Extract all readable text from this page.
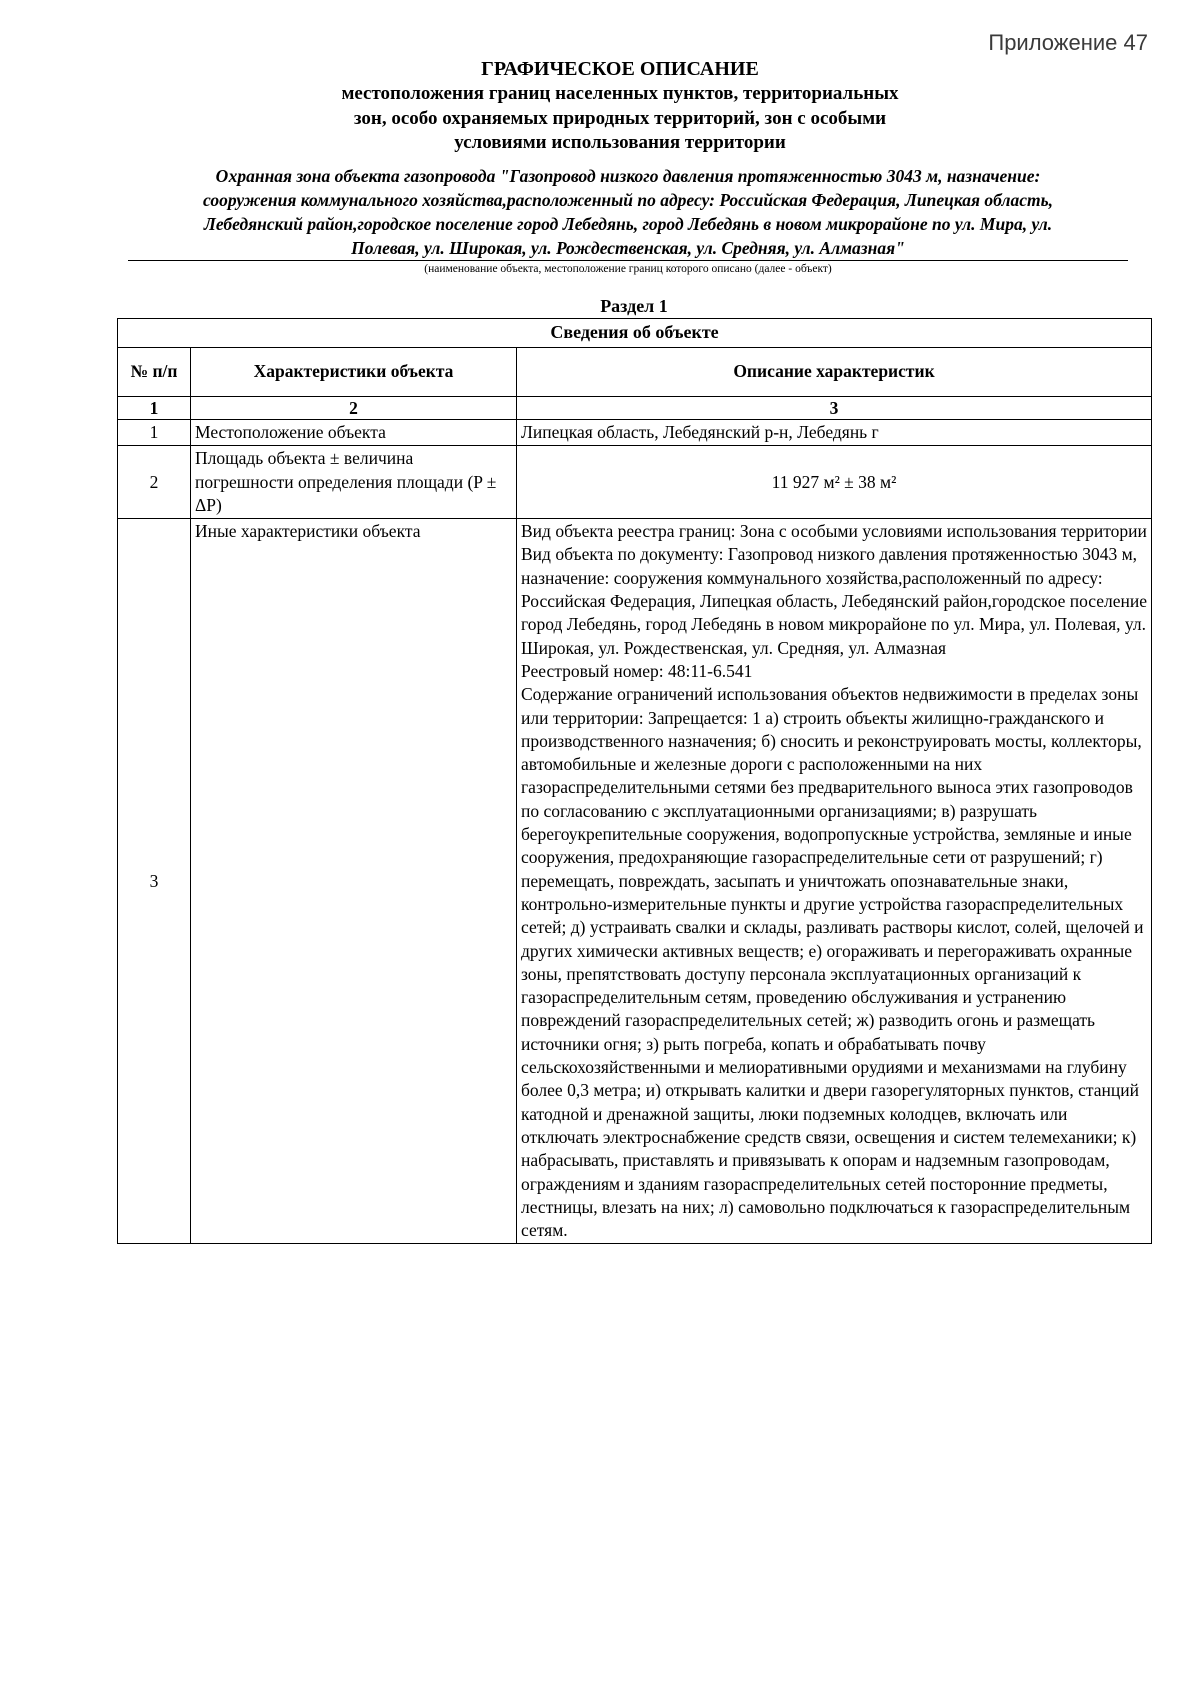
Приложение 47

ГРАФИЧЕСКОЕ ОПИСАНИЕ

местоположения границ населенных пунктов, территориальных

зон, особо охраняемых природных территорий, зон с особыми

условиями использования территории

Охранная зона объекта газопровода "Газопровод низкого давления протяженностью 3043 м, назначение:
сооружения коммунального хозяйства,расположенный по адресу: Российская Федерация, Липецкая область,
Лебедянский район,городское поселение город Лебедянь, город Лебедянь в новом микрорайоне по ул. Мира, ул.
Полевая, ул. Широкая, ул. Рождественская, ул. Средняя, ул. Алмазная"
(наименование объекта, местоположение границ которого описано (далее - объект)
Раздел 1
Сведения об объекте		
№ п/п	Характеристики объекта	Описание характеристик
1	2	3
1	Местоположение объекта	Липецкая область, Лебедянский р-н, Лебедянь г
2	Площадь объекта ± величина погрешности определения площади (P ± ΔP)	11 927 м² ± 38 м²
3	Иные характеристики объекта	Вид объекта реестра границ: Зона с особыми условиями использования территории
Вид объекта по документу: Газопровод низкого давления протяженностью 3043 м, назначение: сооружения коммунального хозяйства,расположенный по адресу: Российская Федерация, Липецкая область, Лебедянский район,городское поселение город Лебедянь, город Лебедянь в новом микрорайоне по ул. Мира, ул. Полевая, ул. Широкая, ул. Рождественская, ул. Средняя, ул. Алмазная
Реестровый номер: 48:11-6.541
Содержание ограничений использования объектов недвижимости в пределах зоны или территории: Запрещается: 1 а) строить объекты жилищно-гражданского и производственного назначения; б) сносить и реконструировать мосты, коллекторы, автомобильные и железные дороги с расположенными на них газораспределительными сетями без предварительного выноса этих газопроводов по согласованию с эксплуатационными организациями; в) разрушать берегоукрепительные сооружения, водопропускные устройства, земляные и иные сооружения, предохраняющие газораспределительные сети от разрушений; г) перемещать, повреждать, засыпать и уничтожать опознавательные знаки, контрольно-измерительные пункты и другие устройства газораспределительных сетей; д) устраивать свалки и склады, разливать растворы кислот, солей, щелочей и других химически активных веществ; е) огораживать и перегораживать охранные зоны, препятствовать доступу персонала эксплуатационных организаций к газораспределительным сетям, проведению обслуживания и устранению повреждений газораспределительных сетей; ж) разводить огонь и размещать источники огня; з) рыть погреба, копать и обрабатывать почву сельскохозяйственными и мелиоративными орудиями и механизмами на глубину более 0,3 метра; и) открывать калитки и двери газорегуляторных пунктов, станций катодной и дренажной защиты, люки подземных колодцев, включать или отключать электроснабжение средств связи, освещения и систем телемеханики; к) набрасывать, приставлять и привязывать к опорам и надземным газопроводам, ограждениям и зданиям газораспределительных сетей посторонние предметы, лестницы, влезать на них; л) самовольно подключаться к газораспределительным сетям.
